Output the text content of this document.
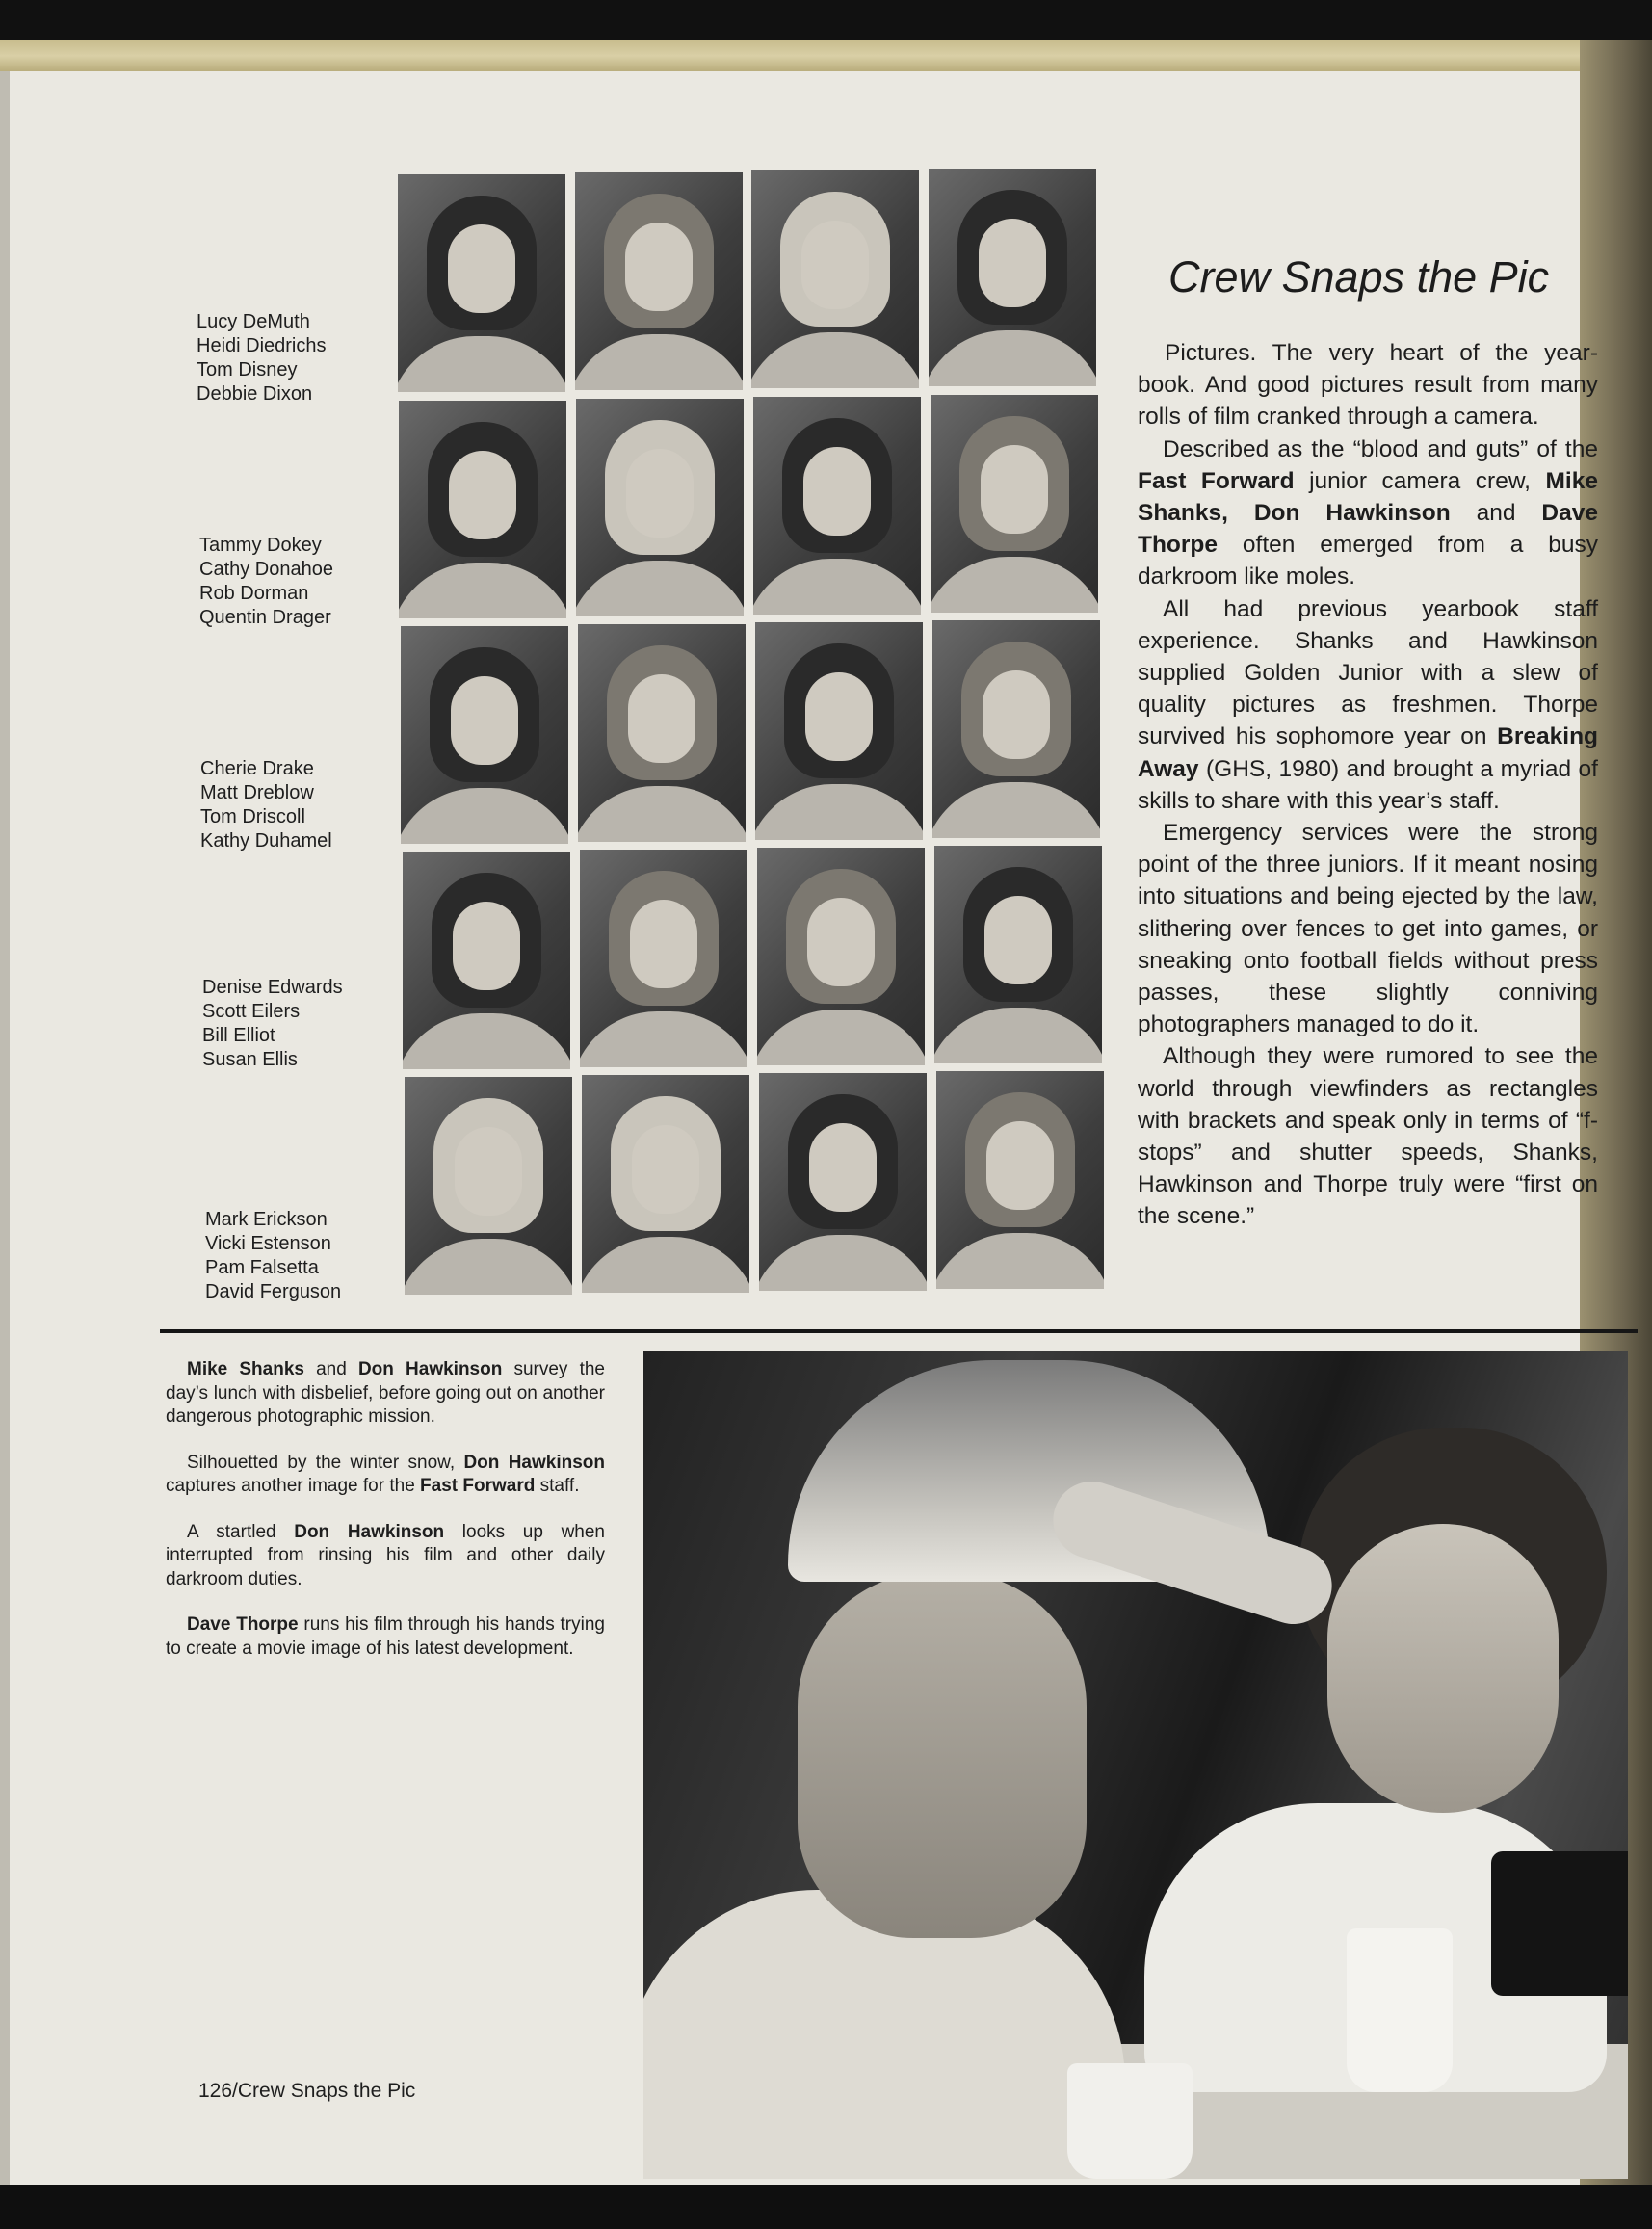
Lucy DeMuth
Heidi Diedrichs
Tom Disney
Debbie Dixon
Tammy Dokey
Cathy Donahoe
Rob Dorman
Quentin Drager
Cherie Drake
Matt Dreblow
Tom Driscoll
Kathy Duhamel
Denise Edwards
Scott Eilers
Bill Elliot
Susan Ellis
Mark Erickson
Vicki Estenson
Pam Falsetta
David Ferguson
Crew Snaps the Pic

Pictures. The very heart of the year-book. And good pictures result from many rolls of film cranked through a camera.

Described as the “blood and guts” of the Fast Forward junior camera crew, Mike Shanks, Don Hawkinson and Dave Thorpe often emerged from a busy darkroom like moles.

All had previous yearbook staff experience. Shanks and Hawkinson supplied Golden Junior with a slew of quality pictures as freshmen. Thorpe survived his sophomore year on Breaking Away (GHS, 1980) and brought a myriad of skills to share with this year’s staff.

Emergency services were the strong point of the three juniors. If it meant nosing into situations and being ejected by the law, slithering over fences to get into games, or sneaking onto football fields without press passes, these slightly conniving photographers managed to do it.

Although they were rumored to see the world through viewfinders as rectangles with brackets and speak only in terms of “f-stops” and shutter speeds, Shanks, Hawkinson and Thorpe truly were “first on the scene.”

Mike Shanks and Don Hawkinson survey the day’s lunch with disbelief, before going out on another dangerous photographic mission.

Silhouetted by the winter snow, Don Hawkinson captures another image for the Fast Forward staff.

A startled Don Hawkinson looks up when interrupted from rinsing his film and other daily darkroom duties.

Dave Thorpe runs his film through his hands trying to create a movie image of his latest development.

126/Crew Snaps the Pic
